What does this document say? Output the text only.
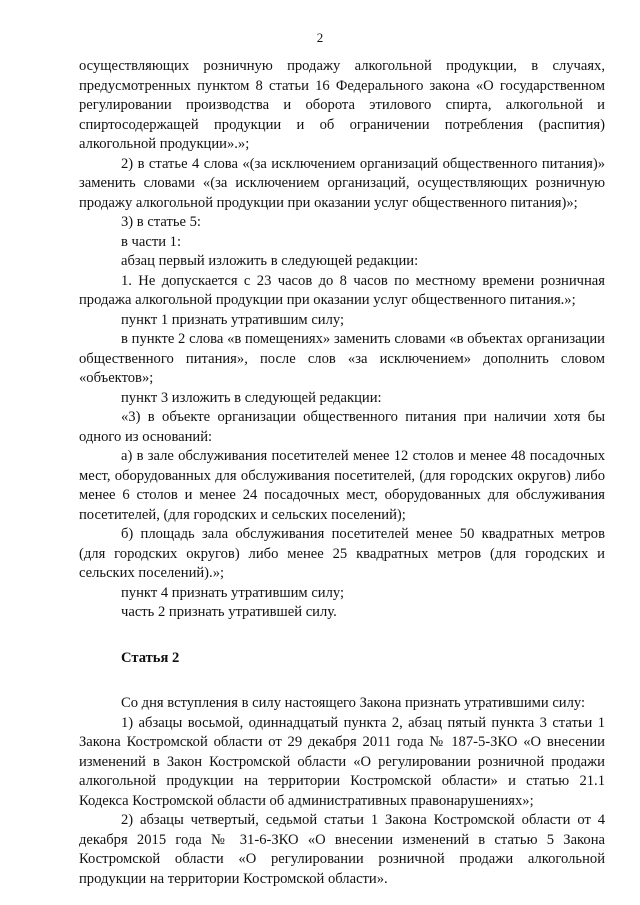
2

осуществляющих розничную продажу алкогольной продукции, в случаях, предусмотренных пунктом 8 статьи 16 Федерального закона «О государственном регулировании производства и оборота этилового спирта, алкогольной и спиртосодержащей продукции и об ограничении потребления (распития) алкогольной продукции».»;

2) в статье 4 слова «(за исключением организаций общественного питания)» заменить словами «(за исключением организаций, осуществляющих розничную продажу алкогольной продукции при оказании услуг общественного питания)»;

3) в статье 5:

в части 1:

абзац первый изложить в следующей редакции:

1. Не допускается с 23 часов до 8 часов по местному времени розничная продажа алкогольной продукции при оказании услуг общественного питания.»;

пункт 1 признать утратившим силу;

в пункте 2 слова «в помещениях» заменить словами «в объектах организации общественного питания», после слов «за исключением» дополнить словом «объектов»;

пункт 3 изложить в следующей редакции:

«3) в объекте организации общественного питания при наличии хотя бы одного из оснований:

а) в зале обслуживания посетителей менее 12 столов и менее 48 посадочных мест, оборудованных для обслуживания посетителей, (для городских округов) либо менее 6 столов и менее 24 посадочных мест, оборудованных для обслуживания посетителей, (для городских и сельских поселений);

б) площадь зала обслуживания посетителей менее 50 квадратных метров (для городских округов) либо менее 25 квадратных метров (для городских и сельских поселений).»;

пункт 4 признать утратившим силу;

часть 2 признать утратившей силу.

Статья 2

Со дня вступления в силу настоящего Закона признать утратившими силу:

1) абзацы восьмой, одиннадцатый пункта 2, абзац пятый пункта 3 статьи 1 Закона Костромской области от 29 декабря 2011 года № 187-5-ЗКО «О внесении изменений в Закон Костромской области «О регулировании розничной продажи алкогольной продукции на территории Костромской области» и статью 21.1 Кодекса Костромской области об административных правонарушениях»;

2) абзацы четвертый, седьмой статьи 1 Закона Костромской области от 4 декабря 2015 года № 31-6-ЗКО «О внесении изменений в статью 5 Закона Костромской области «О регулировании розничной продажи алкогольной продукции на территории Костромской области».
